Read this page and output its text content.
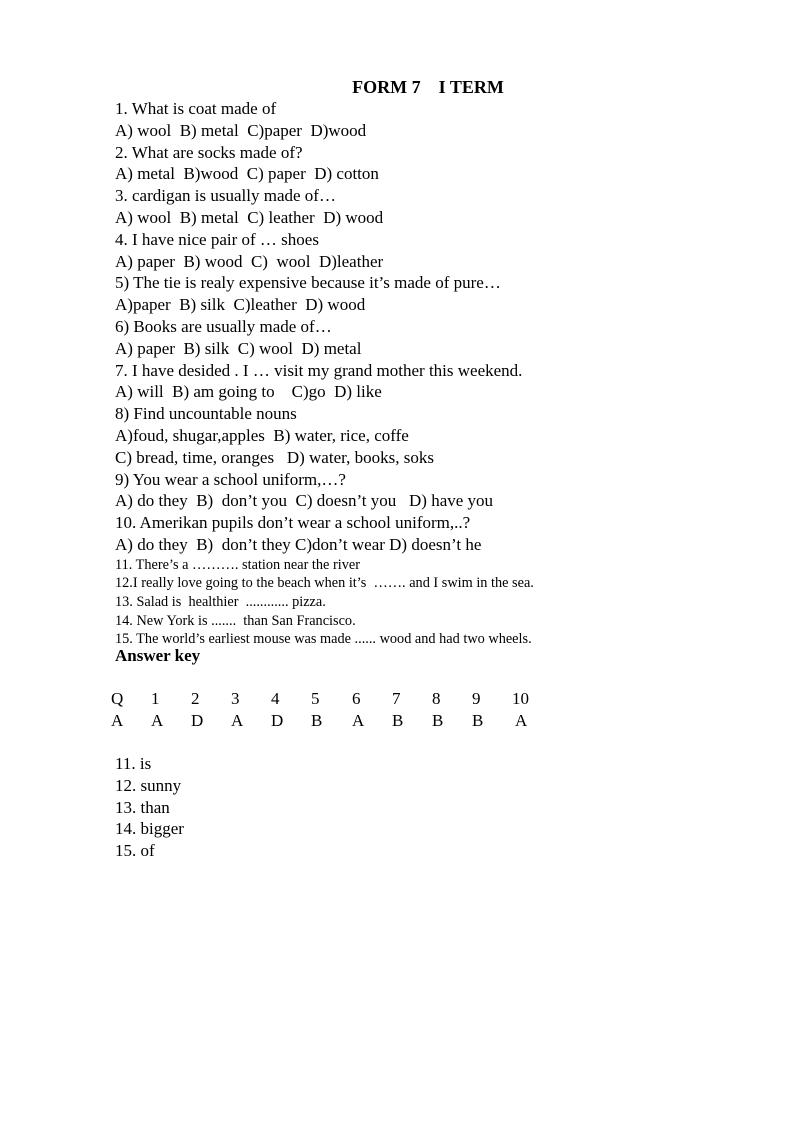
FORM 7    I TERM
1. What is coat made of
A) wool  B) metal  C)paper  D)wood
2. What are socks made of?
A) metal  B)wood  C) paper  D) cotton
3. cardigan is usually made of…
A) wool  B) metal  C) leather  D) wood
4. I have nice pair of … shoes
A) paper  B) wood  C)  wool  D)leather
5) The tie is realy expensive because it’s made of pure…
A)paper  B) silk  C)leather  D) wood
6) Books are usually made of…
A) paper  B) silk  C) wool  D) metal
7. I have desided . I … visit my grand mother this weekend.
A) will  B) am going to    C)go  D) like
8) Find uncountable nouns
A)foud, shugar,apples  B) water, rice, coffe
C) bread, time, oranges   D) water, books, soks
9) You wear a school uniform,…?
A) do they  B)  don’t you  C) doesn’t you   D) have you
10. Amerikan pupils don’t wear a school uniform,..?
A) do they  B)  don’t they C)don’t wear D) doesn’t he
11. There’s a ………. station near the river
12.I really love going to the beach when it’s  ……. and I swim in the sea.
13. Salad is  healthier  ............ pizza.
14. New York is .......  than San Francisco.
15. The world’s earliest mouse was made ...... wood and had two wheels.
Answer key
Q 1 2 3 4 5 6 7 8 9 10
A A D A D B A B B B A
11. is
12. sunny
13. than
14. bigger
15. of
